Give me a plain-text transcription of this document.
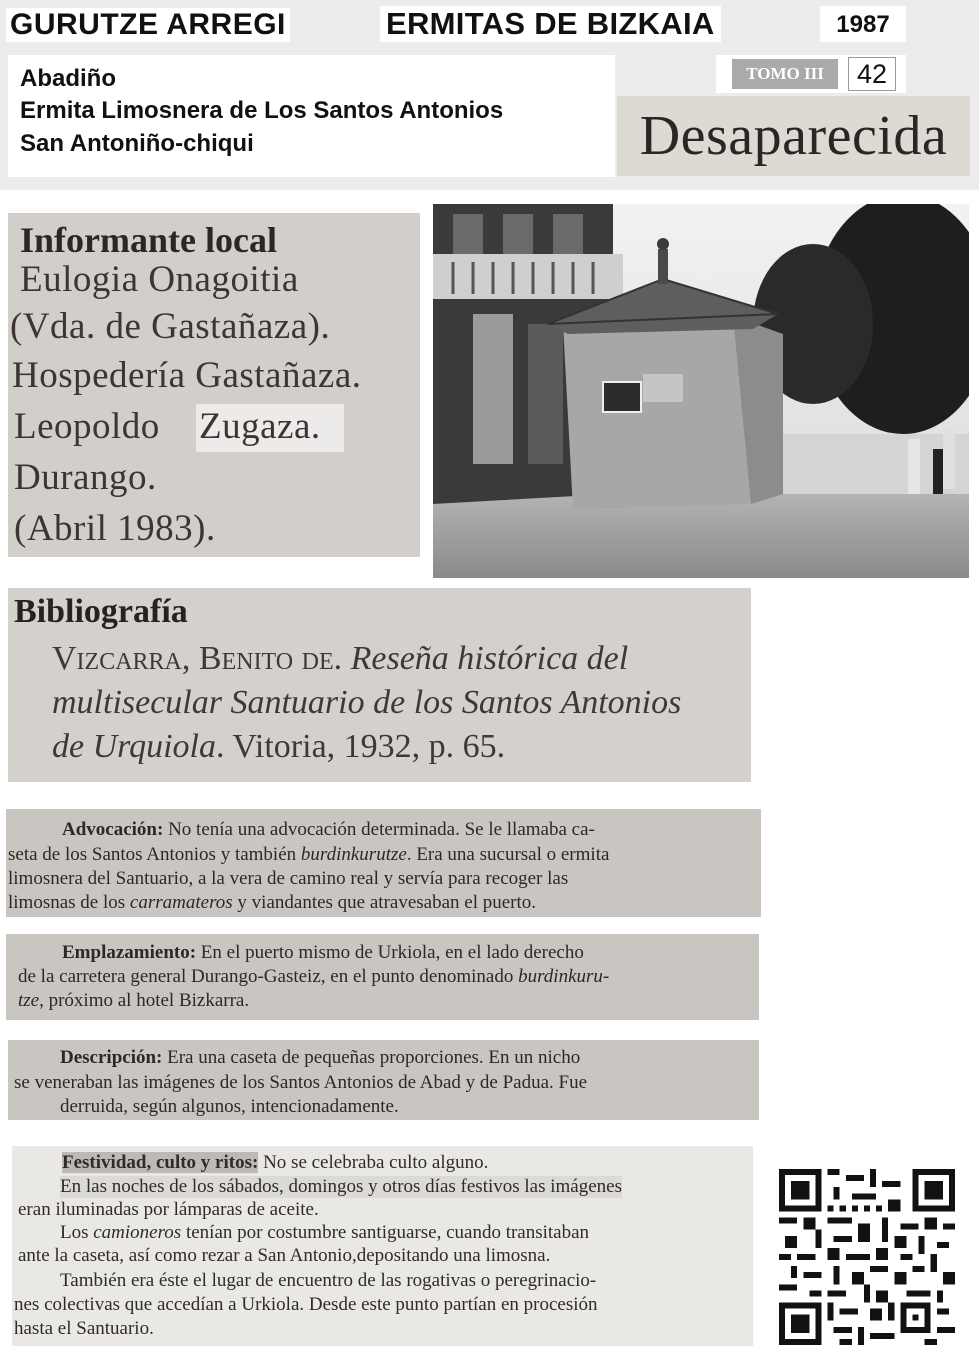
GURUTZE ARREGI	ERMITAS DE BIZKAIA	1987
Abadiño
Ermita Limosnera de Los Santos Antonios
San Antoniño-chiqui
TOMO III	42
Desaparecida
Informante local
Eulogia Onagoitia
(Vda. de Gastañaza).
Hospedería Gastañaza.
Leopoldo Zugaza.
Durango.
(Abril 1983).
Bibliografía
Vizcarra, Benito de. Reseña histórica del
multisecular Santuario de los Santos Antonios
de Urquiola. Vitoria, 1932, p. 65.
Advocación: No tenía una advocación determinada. Se le llamaba ca-
seta de los Santos Antonios y también burdinkurutze. Era una sucursal o ermita
limosnera del Santuario, a la vera de camino real y servía para recoger las
limosnas de los carramateros y viandantes que atravesaban el puerto.
Emplazamiento: En el puerto mismo de Urkiola, en el lado derecho
de la carretera general Durango-Gasteiz, en el punto denominado burdinkuru-
tze, próximo al hotel Bizkarra.
Descripción: Era una caseta de pequeñas proporciones. En un nicho
se veneraban las imágenes de los Santos Antonios de Abad y de Padua. Fue
derruida, según algunos, intencionadamente.
Festividad, culto y ritos: No se celebraba culto alguno.
En las noches de los sábados, domingos y otros días festivos las imágenes
eran iluminadas por lámparas de aceite.
Los camioneros tenían por costumbre santiguarse, cuando transitaban
ante la caseta, así como rezar a San Antonio,depositando una limosna.
También era éste el lugar de encuentro de las rogativas o peregrinacio-
nes colectivas que accedían a Urkiola. Desde este punto partían en procesión
hasta el Santuario.
